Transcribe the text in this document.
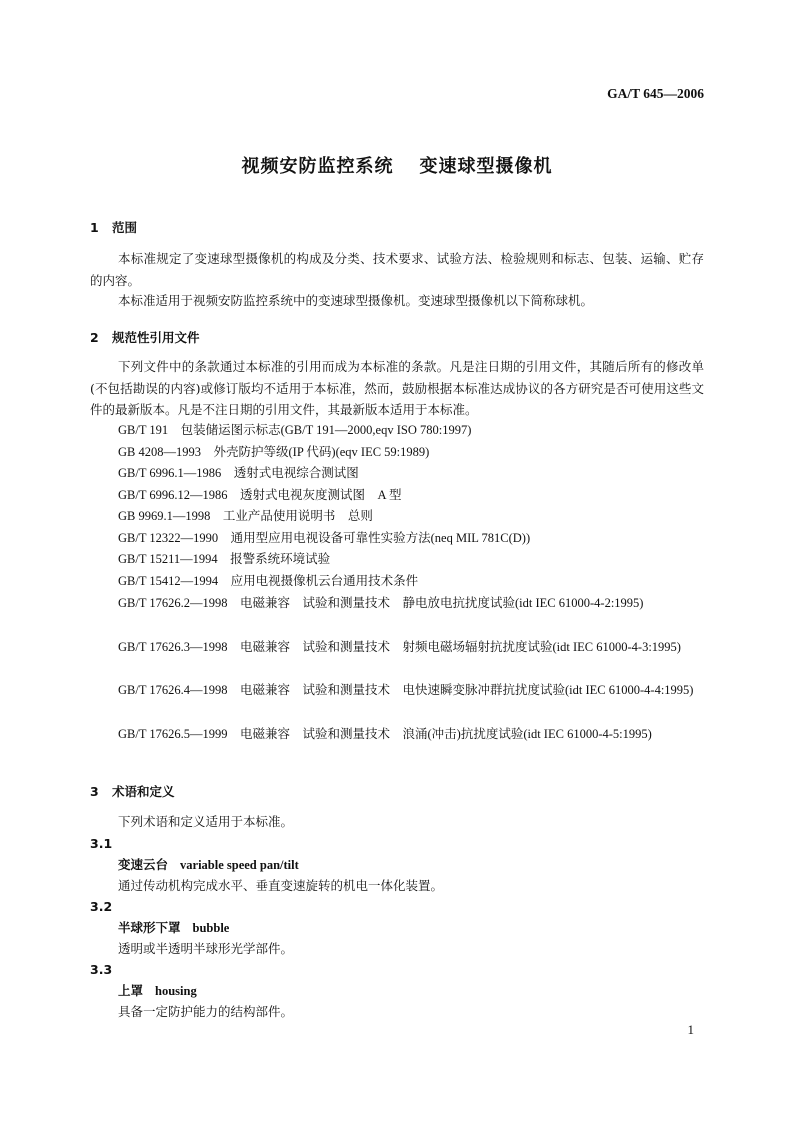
GA/T 645—2006
视频安防监控系统 变速球型摄像机
1 范围
本标准规定了变速球型摄像机的构成及分类、技术要求、试验方法、检验规则和标志、包装、运输、贮存的内容。
本标准适用于视频安防监控系统中的变速球型摄像机。变速球型摄像机以下简称球机。
2 规范性引用文件
下列文件中的条款通过本标准的引用而成为本标准的条款。凡是注日期的引用文件，其随后所有的修改单(不包括勘误的内容)或修订版均不适用于本标准，然而，鼓励根据本标准达成协议的各方研究是否可使用这些文件的最新版本。凡是不注日期的引用文件，其最新版本适用于本标准。
GB/T 191　包装储运图示标志(GB/T 191—2000,eqv ISO 780:1997)
GB 4208—1993　外壳防护等级(IP 代码)(eqv IEC 59:1989)
GB/T 6996.1—1986　透射式电视综合测试图
GB/T 6996.12—1986　透射式电视灰度测试图　A 型
GB 9969.1—1998　工业产品使用说明书　总则
GB/T 12322—1990　通用型应用电视设备可靠性实验方法(neq MIL 781C(D))
GB/T 15211—1994　报警系统环境试验
GB/T 15412—1994　应用电视摄像机云台通用技术条件
GB/T 17626.2—1998　电磁兼容　试验和测量技术　静电放电抗扰度试验(idt IEC 61000-4-2:1995)
GB/T 17626.3—1998　电磁兼容　试验和测量技术　射频电磁场辐射抗扰度试验(idt IEC 61000-4-3:1995)
GB/T 17626.4—1998　电磁兼容　试验和测量技术　电快速瞬变脉冲群抗扰度试验(idt IEC 61000-4-4:1995)
GB/T 17626.5—1999　电磁兼容　试验和测量技术　浪涌(冲击)抗扰度试验(idt IEC 61000-4-5:1995)
3 术语和定义
下列术语和定义适用于本标准。
3.1
变速云台 variable speed pan/tilt
通过传动机构完成水平、垂直变速旋转的机电一体化装置。
3.2
半球形下罩 bubble
透明或半透明半球形光学部件。
3.3
上罩 housing
具备一定防护能力的结构部件。
1
